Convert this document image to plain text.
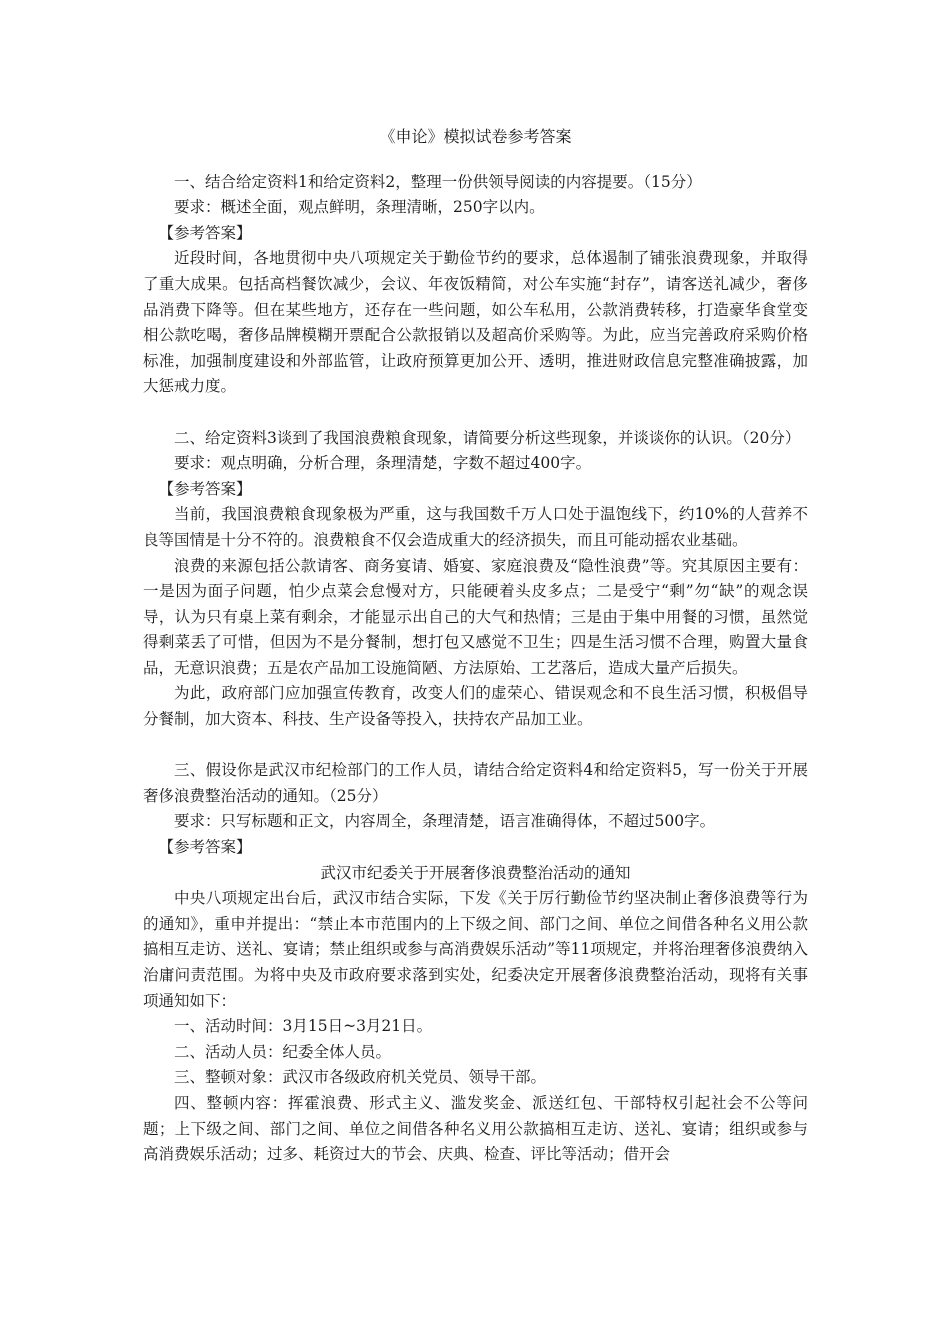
《申论》模拟试卷参考答案

一、结合给定资料1和给定资料2，整理一份供领导阅读的内容提要。（15分）

要求：概述全面，观点鲜明，条理清晰，250字以内。

【参考答案】

近段时间，各地贯彻中央八项规定关于勤俭节约的要求，总体遏制了铺张浪费现象，并取得了重大成果。包括高档餐饮减少，会议、年夜饭精简，对公车实施“封存”，请客送礼减少，奢侈品消费下降等。但在某些地方，还存在一些问题，如公车私用，公款消费转移，打造豪华食堂变相公款吃喝，奢侈品牌模糊开票配合公款报销以及超高价采购等。为此，应当完善政府采购价格标准，加强制度建设和外部监管，让政府预算更加公开、透明，推进财政信息完整准确披露，加大惩戒力度。

二、给定资料3谈到了我国浪费粮食现象，请简要分析这些现象，并谈谈你的认识。（20分）

要求：观点明确，分析合理，条理清楚，字数不超过400字。

【参考答案】

当前，我国浪费粮食现象极为严重，这与我国数千万人口处于温饱线下，约10%的人营养不良等国情是十分不符的。浪费粮食不仅会造成重大的经济损失，而且可能动摇农业基础。

浪费的来源包括公款请客、商务宴请、婚宴、家庭浪费及“隐性浪费”等。究其原因主要有：一是因为面子问题，怕少点菜会怠慢对方，只能硬着头皮多点；二是受宁“剩”勿“缺”的观念误导，认为只有桌上菜有剩余，才能显示出自己的大气和热情；三是由于集中用餐的习惯，虽然觉得剩菜丢了可惜，但因为不是分餐制，想打包又感觉不卫生；四是生活习惯不合理，购置大量食品，无意识浪费；五是农产品加工设施简陋、方法原始、工艺落后，造成大量产后损失。

为此，政府部门应加强宣传教育，改变人们的虚荣心、错误观念和不良生活习惯，积极倡导分餐制，加大资本、科技、生产设备等投入，扶持农产品加工业。

三、假设你是武汉市纪检部门的工作人员，请结合给定资料4和给定资料5，写一份关于开展奢侈浪费整治活动的通知。（25分）

要求：只写标题和正文，内容周全，条理清楚，语言准确得体，不超过500字。

【参考答案】

武汉市纪委关于开展奢侈浪费整治活动的通知

中央八项规定出台后，武汉市结合实际，下发《关于厉行勤俭节约坚决制止奢侈浪费等行为的通知》，重申并提出：“禁止本市范围内的上下级之间、部门之间、单位之间借各种名义用公款搞相互走访、送礼、宴请；禁止组织或参与高消费娱乐活动”等11项规定，并将治理奢侈浪费纳入治庸问责范围。为将中央及市政府要求落到实处，纪委决定开展奢侈浪费整治活动，现将有关事项通知如下：

一、活动时间：3月15日~3月21日。

二、活动人员：纪委全体人员。

三、整顿对象：武汉市各级政府机关党员、领导干部。

四、整顿内容：挥霍浪费、形式主义、滥发奖金、派送红包、干部特权引起社会不公等问题；上下级之间、部门之间、单位之间借各种名义用公款搞相互走访、送礼、宴请；组织或参与高消费娱乐活动；过多、耗资过大的节会、庆典、检查、评比等活动；借开会
